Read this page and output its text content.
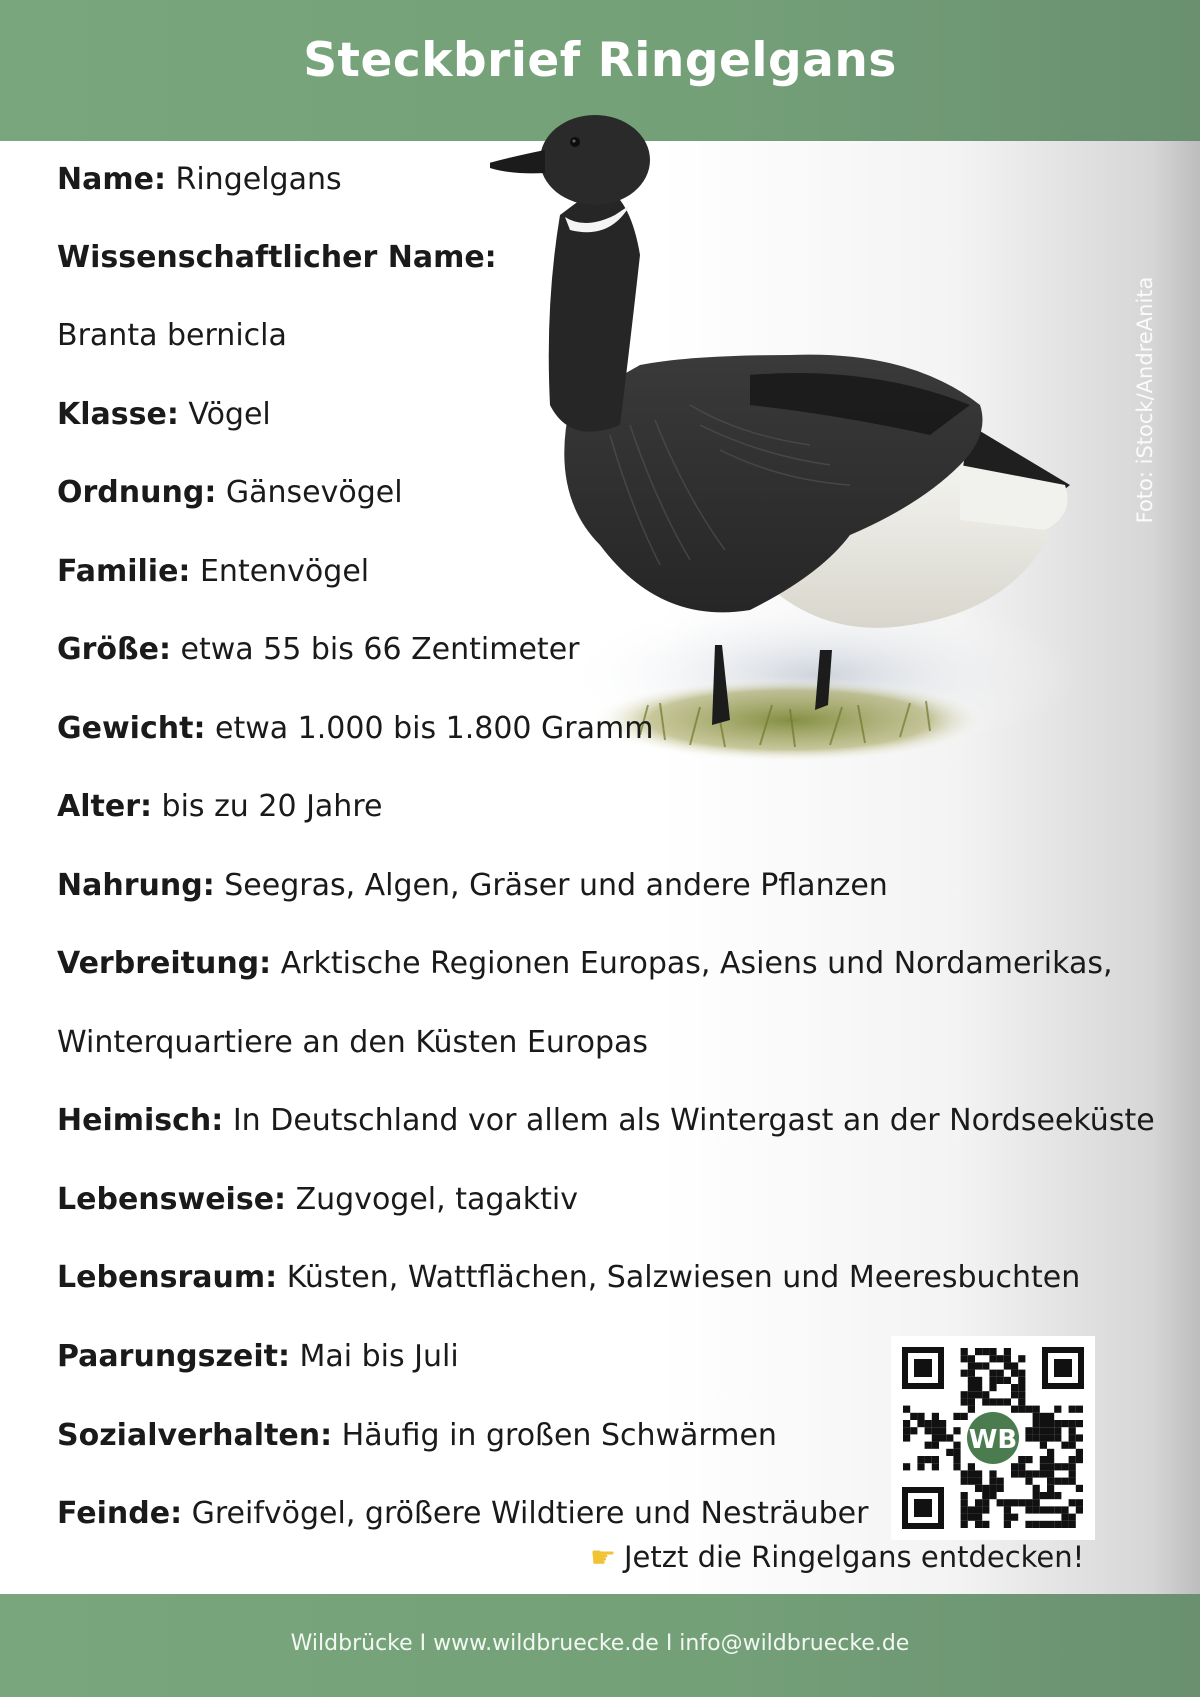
Steckbrief Ringelgans
Foto: iStock/AndreAnita

Name: Ringelgans

Wissenschaftlicher Name:

Branta bernicla

Klasse: Vögel

Ordnung: Gänsevögel

Familie: Entenvögel

Größe: etwa 55 bis 66 Zentimeter

Gewicht: etwa 1.000 bis 1.800 Gramm

Alter: bis zu 20 Jahre

Nahrung: Seegras, Algen, Gräser und andere Pflanzen

Verbreitung: Arktische Regionen Europas, Asiens und Nordamerikas,

Winterquartiere an den Küsten Europas

Heimisch: In Deutschland vor allem als Wintergast an der Nordseeküste

Lebensweise: Zugvogel, tagaktiv

Lebensraum: Küsten, Wattflächen, Salzwiesen und Meeresbuchten

Paarungszeit: Mai bis Juli

Sozialverhalten: Häufig in großen Schwärmen

Feinde: Greifvögel, größere Wildtiere und Nesträuber

WB
☛ Jetzt die Ringelgans entdecken!
Wildbrücke I www.wildbruecke.de I info@wildbruecke.de
